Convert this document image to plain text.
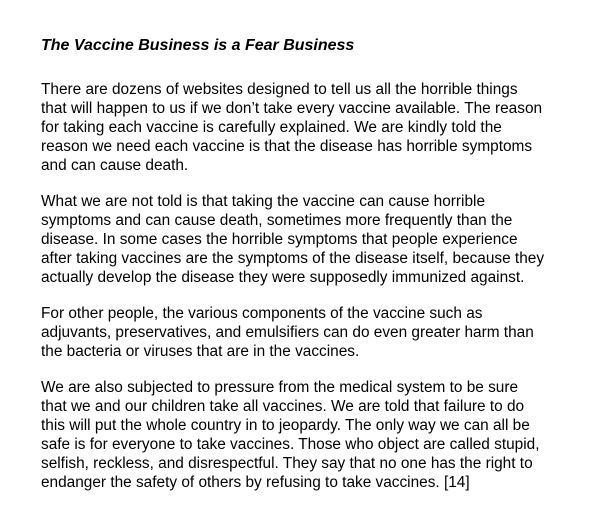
The Vaccine Business is a Fear Business

There are dozens of websites designed to tell us all the horrible things

that will happen to us if we don’t take every vaccine available. The reason

for taking each vaccine is carefully explained. We are kindly told the

reason we need each vaccine is that the disease has horrible symptoms

and can cause death.

What we are not told is that taking the vaccine can cause horrible

symptoms and can cause death, sometimes more frequently than the

disease. In some cases the horrible symptoms that people experience

after taking vaccines are the symptoms of the disease itself, because they

actually develop the disease they were supposedly immunized against.

For other people, the various components of the vaccine such as

adjuvants, preservatives, and emulsifiers can do even greater harm than

the bacteria or viruses that are in the vaccines.

We are also subjected to pressure from the medical system to be sure

that we and our children take all vaccines. We are told that failure to do

this will put the whole country in to jeopardy. The only way we can all be

safe is for everyone to take vaccines. Those who object are called stupid,

selfish, reckless, and disrespectful. They say that no one has the right to

endanger the safety of others by refusing to take vaccines. [14]
